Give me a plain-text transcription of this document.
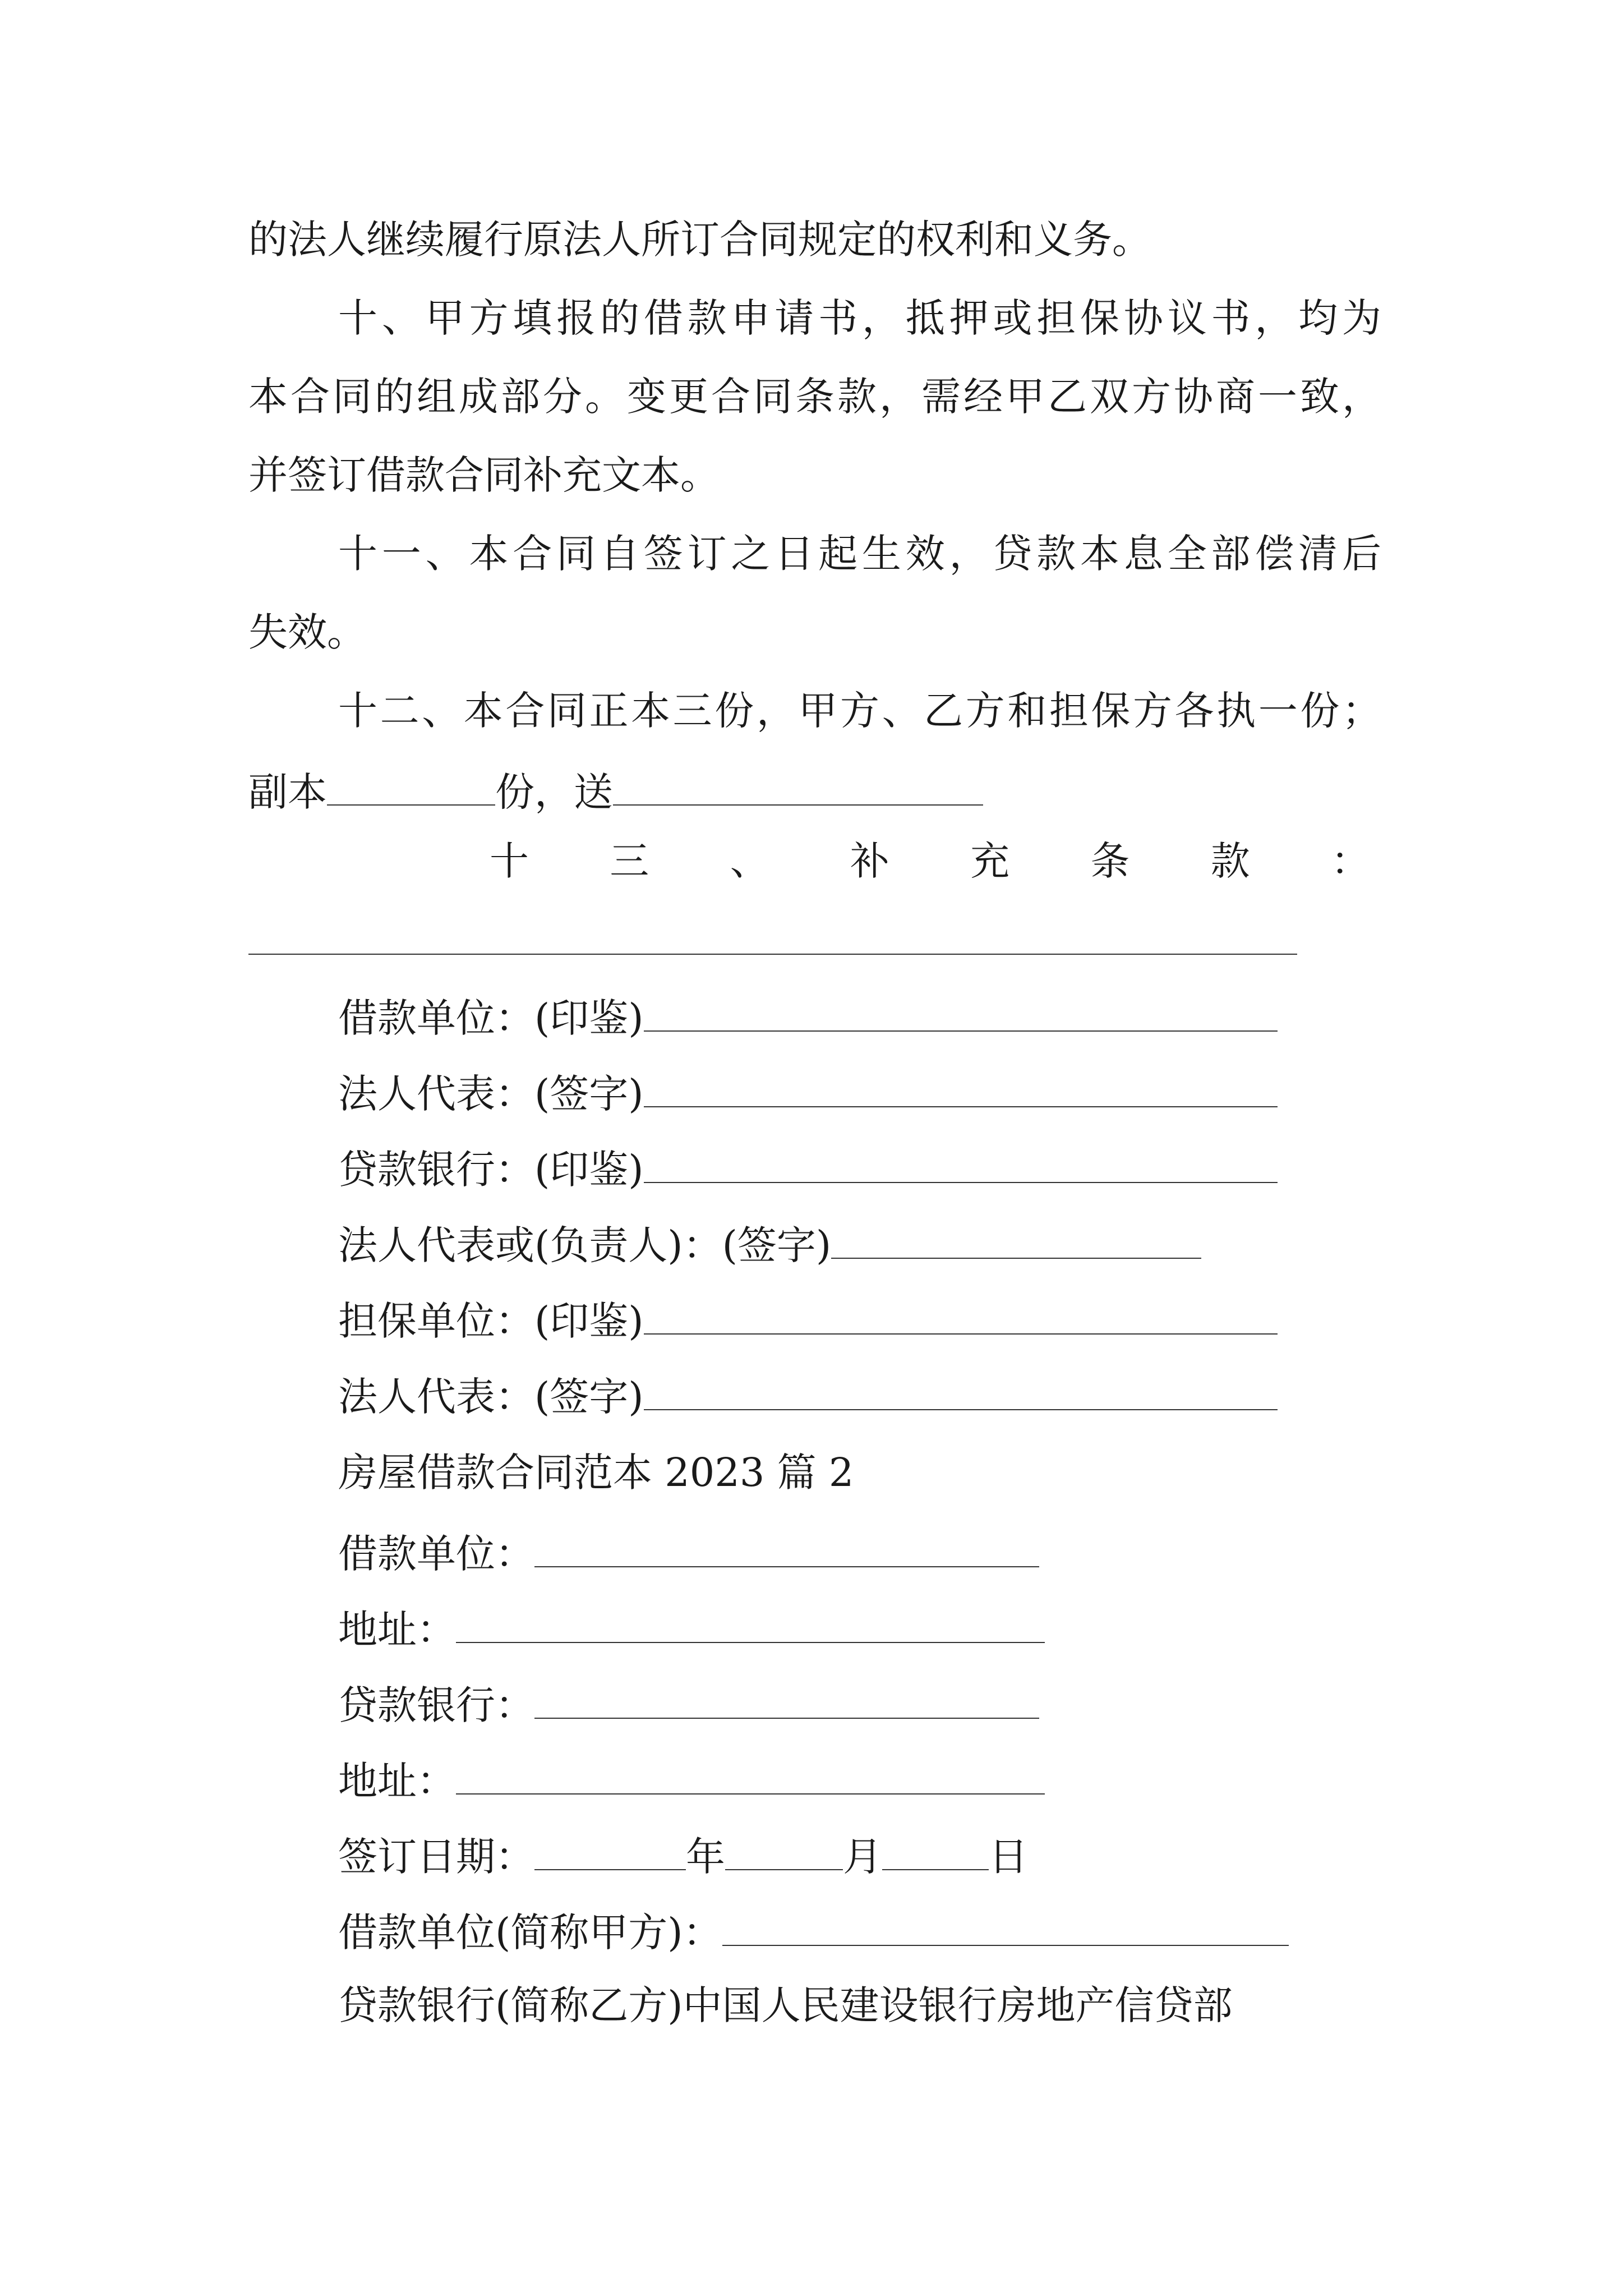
的法人继续履行原法人所订合同规定的权利和义务。
十、甲方填报的借款申请书，抵押或担保协议书，均为
本合同的组成部分。变更合同条款，需经甲乙双方协商一致，
并签订借款合同补充文本。
十一、本合同自签订之日起生效，贷款本息全部偿清后
失效。
十二、本合同正本三份，甲方、乙方和担保方各执一份；
副本	份，送
十 三 、 补 充 条 款 ：
借款单位：(印鉴)
法人代表：(签字)
贷款银行：(印鉴)
法人代表或(负责人)：(签字)
担保单位：(印鉴)
法人代表：(签字)
房屋借款合同范本 2023 篇 2
借款单位：
地址：
贷款银行：
地址：
签订日期：	年	月	日
借款单位(简称甲方)：
贷款银行(简称乙方)中国人民建设银行房地产信贷部
